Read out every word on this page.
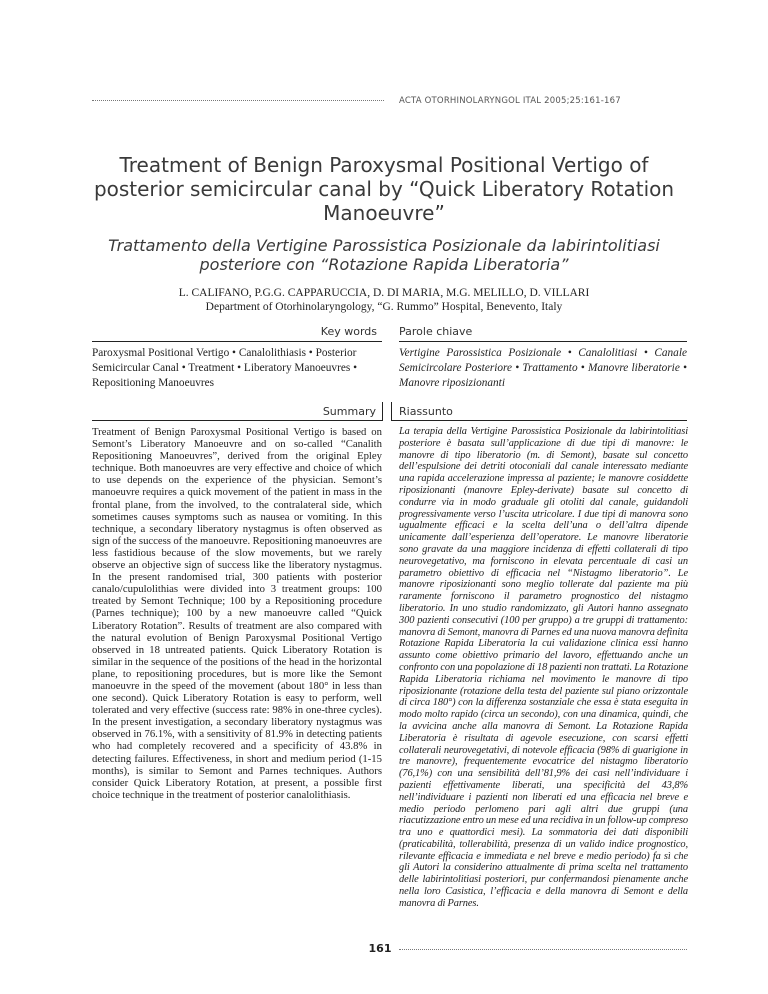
ACTA OTORHINOLARYNGOL ITAL 2005;25:161-167
Treatment of Benign Paroxysmal Positional Vertigo of posterior semicircular canal by “Quick Liberatory Rotation Manoeuvre”
Trattamento della Vertigine Parossistica Posizionale da labirintolitiasi posteriore con “Rotazione Rapida Liberatoria”
L. CALIFANO, P.G.G. CAPPARUCCIA, D. DI MARIA, M.G. MELILLO, D. VILLARI
Department of Otorhinolaryngology, “G. Rummo” Hospital, Benevento, Italy
Key words Parole chiave
Paroxysmal Positional Vertigo • Canalolithiasis • Posterior Semicircular Canal • Treatment • Liberatory Manoeuvres • Repositioning Manoeuvres
Vertigine Parossistica Posizionale • Canalolitiasi • Canale Semicircolare Posteriore • Trattamento • Manovre liberatorie • Manovre riposizionanti
Summary Riassunto
Treatment of Benign Paroxysmal Positional Vertigo is based on Semont’s Liberatory Manoeuvre and on so-called “Canalith Repositioning Manoeuvres”, derived from the original Epley technique. Both manoeuvres are very effective and choice of which to use depends on the experience of the physician. Semont’s manoeuvre requires a quick movement of the patient in mass in the frontal plane, from the involved, to the contralateral side, which sometimes causes symptoms such as nausea or vomiting. In this technique, a secondary liberatory nystagmus is often observed as sign of the success of the manoeuvre. Repositioning manoeuvres are less fastidious because of the slow movements, but we rarely observe an objective sign of success like the liberatory nystagmus. In the present randomised trial, 300 patients with posterior canalo/cupulolithias were divided into 3 treatment groups: 100 treated by Semont Technique; 100 by a Repositioning procedure (Parnes technique); 100 by a new manoeuvre called “Quick Liberatory Rotation”. Results of treatment are also compared with the natural evolution of Benign Paroxysmal Positional Vertigo observed in 18 untreated patients. Quick Liberatory Rotation is similar in the sequence of the positions of the head in the horizontal plane, to repositioning procedures, but is more like the Semont manoeuvre in the speed of the movement (about 180° in less than one second). Quick Liberatory Rotation is easy to perform, well tolerated and very effective (success rate: 98% in one-three cycles). In the present investigation, a secondary liberatory nystagmus was observed in 76.1%, with a sensitivity of 81.9% in detecting patients who had completely recovered and a specificity of 43.8% in detecting failures. Effectiveness, in short and medium period (1-15 months), is similar to Semont and Parnes techniques. Authors consider Quick Liberatory Rotation, at present, a possible first choice technique in the treatment of posterior canalolithiasis.
La terapia della Vertigine Parossistica Posizionale da labirintolitiasi posteriore è basata sull’applicazione di due tipi di manovre: le manovre di tipo liberatorio (m. di Semont), basate sul concetto dell’espulsione dei detriti otoconiali dal canale interessato mediante una rapida accelerazione impressa al paziente; le manovre cosiddette riposizionanti (manovre Epley-derivate) basate sul concetto di condurre via in modo graduale gli otoliti dal canale, guidandoli progressivamente verso l’uscita utricolare. I due tipi di manovra sono ugualmente efficaci e la scelta dell’una o dell’altra dipende unicamente dall’esperienza dell’operatore. Le manovre liberatorie sono gravate da una maggiore incidenza di effetti collaterali di tipo neurovegetativo, ma forniscono in elevata percentuale di casi un parametro obiettivo di efficacia nel “Nistagmo liberatorio”. Le manovre riposizionanti sono meglio tollerate dal paziente ma più raramente forniscono il parametro prognostico del nistagmo liberatorio. In uno studio randomizzato, gli Autori hanno assegnato 300 pazienti consecutivi (100 per gruppo) a tre gruppi di trattamento: manovra di Semont, manovra di Parnes ed una nuova manovra definita Rotazione Rapida Liberatoria la cui validazione clinica essi hanno assunto come obiettivo primario del lavoro, effettuando anche un confronto con una popolazione di 18 pazienti non trattati. La Rotazione Rapida Liberatoria richiama nel movimento le manovre di tipo riposizionante (rotazione della testa del paziente sul piano orizzontale di circa 180°) con la differenza sostanziale che essa è stata eseguita in modo molto rapido (circa un secondo), con una dinamica, quindi, che la avvicina anche alla manovra di Semont. La Rotazione Rapida Liberatoria è risultata di agevole esecuzione, con scarsi effetti collaterali neurovegetativi, di notevole efficacia (98% di guarigione in tre manovre), frequentemente evocatrice del nistagmo liberatorio (76,1%) con una sensibilità dell’81,9% dei casi nell’individuare i pazienti effettivamente liberati, una specificità del 43,8% nell’individuare i pazienti non liberati ed una efficacia nel breve e medio periodo perlomeno pari agli altri due gruppi (una riacutizzazione entro un mese ed una recidiva in un follow-up compreso tra uno e quattordici mesi). La sommatoria dei dati disponibili (praticabilità, tollerabilità, presenza di un valido indice prognostico, rilevante efficacia e immediata e nel breve e medio periodo) fa sì che gli Autori la considerino attualmente di prima scelta nel trattamento delle labirintolitiasi posteriori, pur confermandosi pienamente anche nella loro Casistica, l’efficacia e della manovra di Semont e della manovra di Parnes.
161
